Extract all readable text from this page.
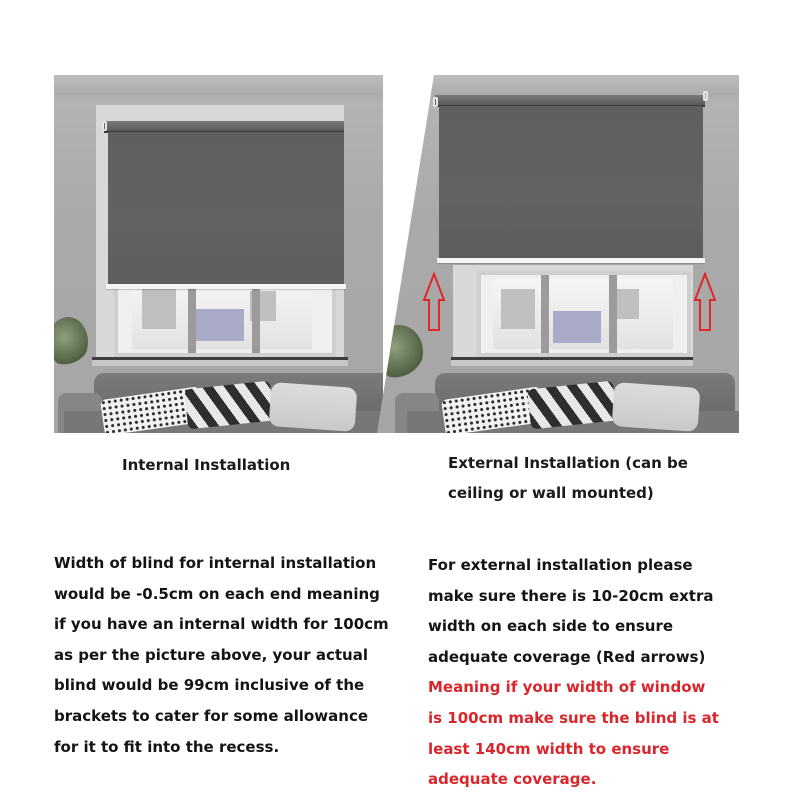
Internal Installation	External Installation (can be
ceiling or wall mounted)
Width of blind for internal installation
would be -0.5cm on each end meaning
if you have an internal width for 100cm
as per the picture above, your actual
blind would be 99cm inclusive of the
brackets to cater for some allowance
for it to fit into the recess.
For external installation please
make sure there is 10-20cm extra
width on each side to ensure
adequate coverage (Red arrows)
Meaning if your width of window
is 100cm make sure the blind is at
least 140cm width to ensure
adequate coverage.
